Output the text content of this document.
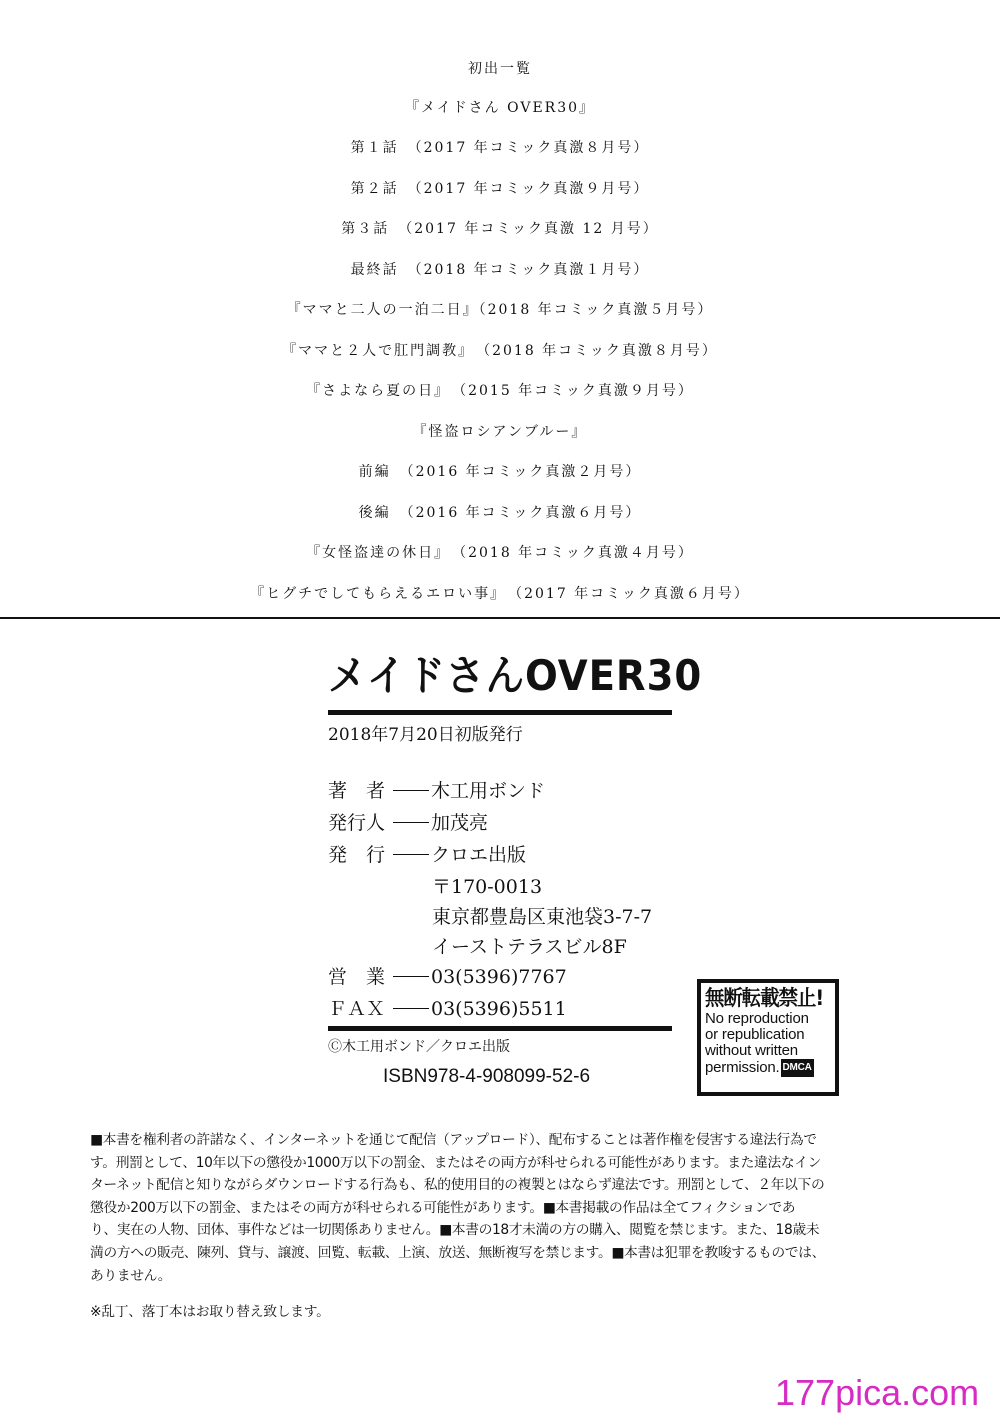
初出一覧
『メイドさん OVER30』
第１話　（2017 年コミック真激８月号）
第２話　（2017 年コミック真激９月号）
第３話　（2017 年コミック真激 12 月号）
最終話　（2018 年コミック真激１月号）
『ママと二人の一泊二日』（2018 年コミック真激５月号）
『ママと２人で肛門調教』　（2018 年コミック真激８月号）
『さよなら夏の日』　（2015 年コミック真激９月号）
『怪盗ロシアンブルー』
前編　（2016 年コミック真激２月号）
後編　（2016 年コミック真激６月号）
『女怪盗達の休日』　（2018 年コミック真激４月号）
『ヒグチでしてもらえるエロい事』　（2017 年コミック真激６月号）
メイドさんOVER30
2018年7月20日初版発行
著　者 木工用ボンド
発行人 加茂亮
発　行 クロエ出版
〒170-0013
東京都豊島区東池袋3-7-7
イーストテラスビル8F
営　業 03(5396)7767
ＦＡＸ 03(5396)5511
Ⓒ木工用ボンド／クロエ出版
ISBN978-4-908099-52-6
無断転載禁止!
No reproduction
or republication
without written
permission. DMCA

■本書を権利者の許諾なく、インターネットを通じて配信（アップロード）、配布することは著作権を侵害する違法行為で

す。刑罰として、10年以下の懲役か1000万以下の罰金、またはその両方が科せられる可能性があります。また違法なイン

ターネット配信と知りながらダウンロードする行為も、私的使用目的の複製とはならず違法です。刑罰として、２年以下の

懲役か200万以下の罰金、またはその両方が科せられる可能性があります。■本書掲載の作品は全てフィクションであ

り、実在の人物、団体、事件などは一切関係ありません。■本書の18才未満の方の購入、閲覧を禁じます。また、18歳未

満の方への販売、陳列、貸与、譲渡、回覧、転載、上演、放送、無断複写を禁じます。■本書は犯罪を教唆するものでは、

ありません。

※乱丁、落丁本はお取り替え致します。
177pica.com
